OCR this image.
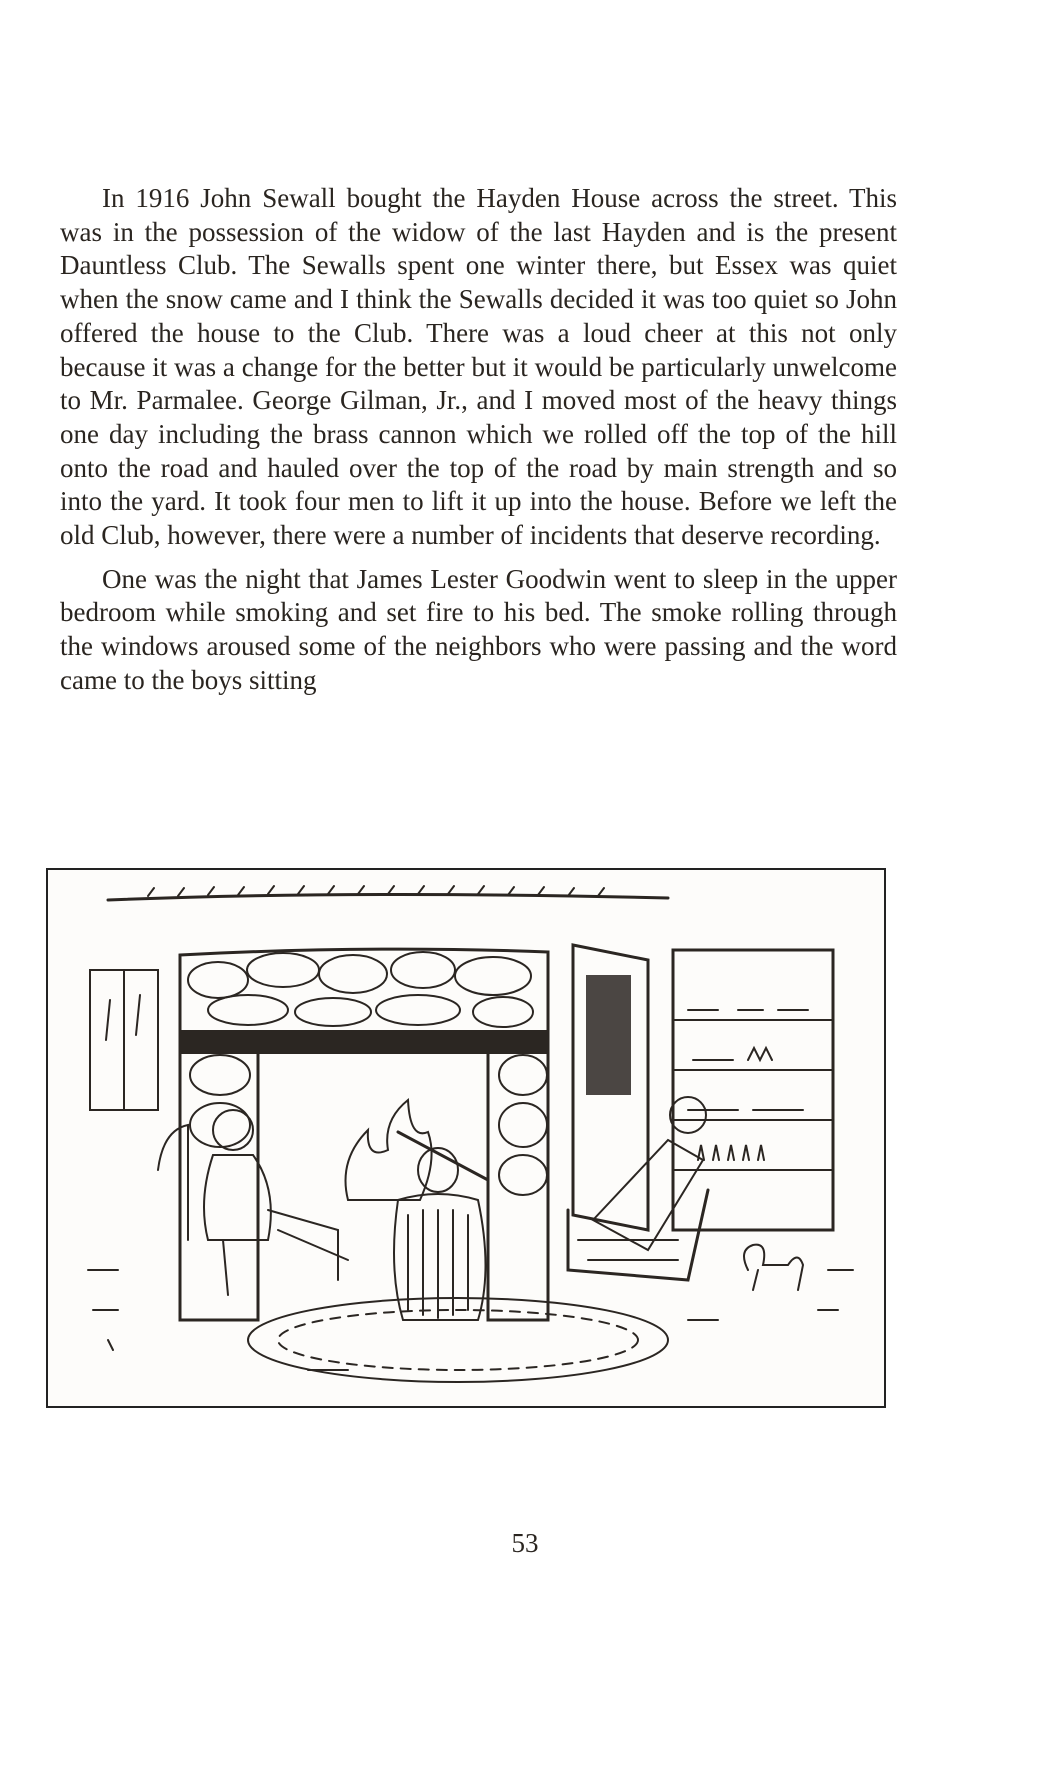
In 1916 John Sewall bought the Hayden House across the street. This was in the possession of the widow of the last Hayden and is the present Dauntless Club. The Sewalls spent one winter there, but Essex was quiet when the snow came and I think the Sewalls decided it was too quiet so John offered the house to the Club. There was a loud cheer at this not only because it was a change for the better but it would be particularly unwelcome to Mr. Parmalee. George Gilman, Jr., and I moved most of the heavy things one day including the brass cannon which we rolled off the top of the hill onto the road and hauled over the top of the road by main strength and so into the yard. It took four men to lift it up into the house. Before we left the old Club, however, there were a number of incidents that deserve recording.

One was the night that James Lester Goodwin went to sleep in the upper bedroom while smoking and set fire to his bed. The smoke rolling through the windows aroused some of the neighbors who were passing and the word came to the boys sitting

53
